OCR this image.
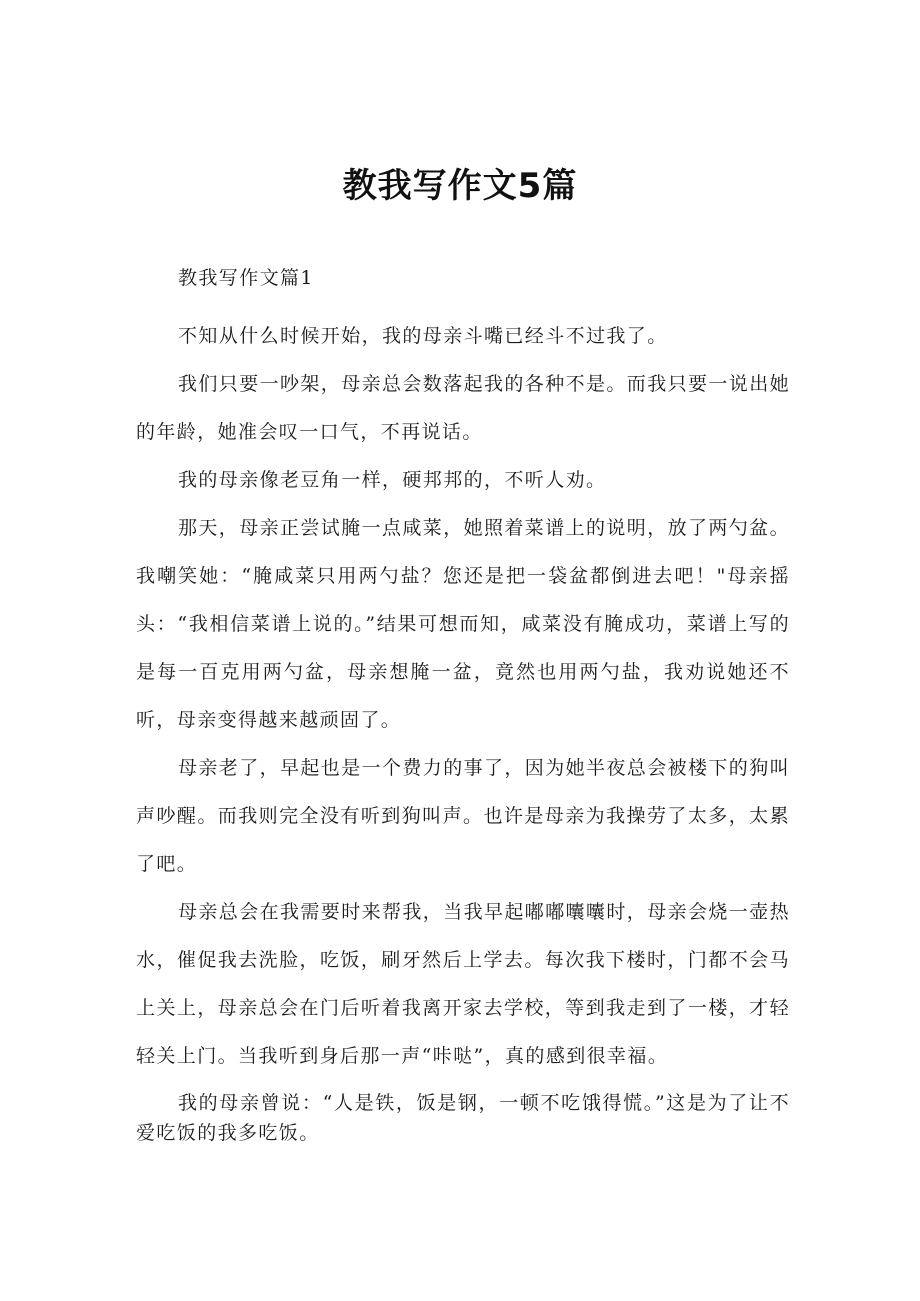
教我写作文5篇

教我写作文篇1

不知从什么时候开始，我的母亲斗嘴已经斗不过我了。

我们只要一吵架，母亲总会数落起我的各种不是。而我只要一说出她的年龄，她准会叹一口气，不再说话。

我的母亲像老豆角一样，硬邦邦的，不听人劝。

那天，母亲正尝试腌一点咸菜，她照着菜谱上的说明，放了两勺盆。我嘲笑她：“腌咸菜只用两勺盐？您还是把一袋盆都倒进去吧！"母亲摇头：“我相信菜谱上说的。”结果可想而知，咸菜没有腌成功，菜谱上写的是每一百克用两勺盆，母亲想腌一盆，竟然也用两勺盐，我劝说她还不听，母亲变得越来越顽固了。

母亲老了，早起也是一个费力的事了，因为她半夜总会被楼下的狗叫声吵醒。而我则完全没有听到狗叫声。也许是母亲为我操劳了太多，太累了吧。

母亲总会在我需要时来帮我，当我早起嘟嘟囔囔时，母亲会烧一壶热水，催促我去洗脸，吃饭，刷牙然后上学去。每次我下楼时，门都不会马上关上，母亲总会在门后听着我离开家去学校，等到我走到了一楼，才轻轻关上门。当我听到身后那一声“咔哒”，真的感到很幸福。

我的母亲曾说：“人是铁，饭是钢，一顿不吃饿得慌。”这是为了让不爱吃饭的我多吃饭。
